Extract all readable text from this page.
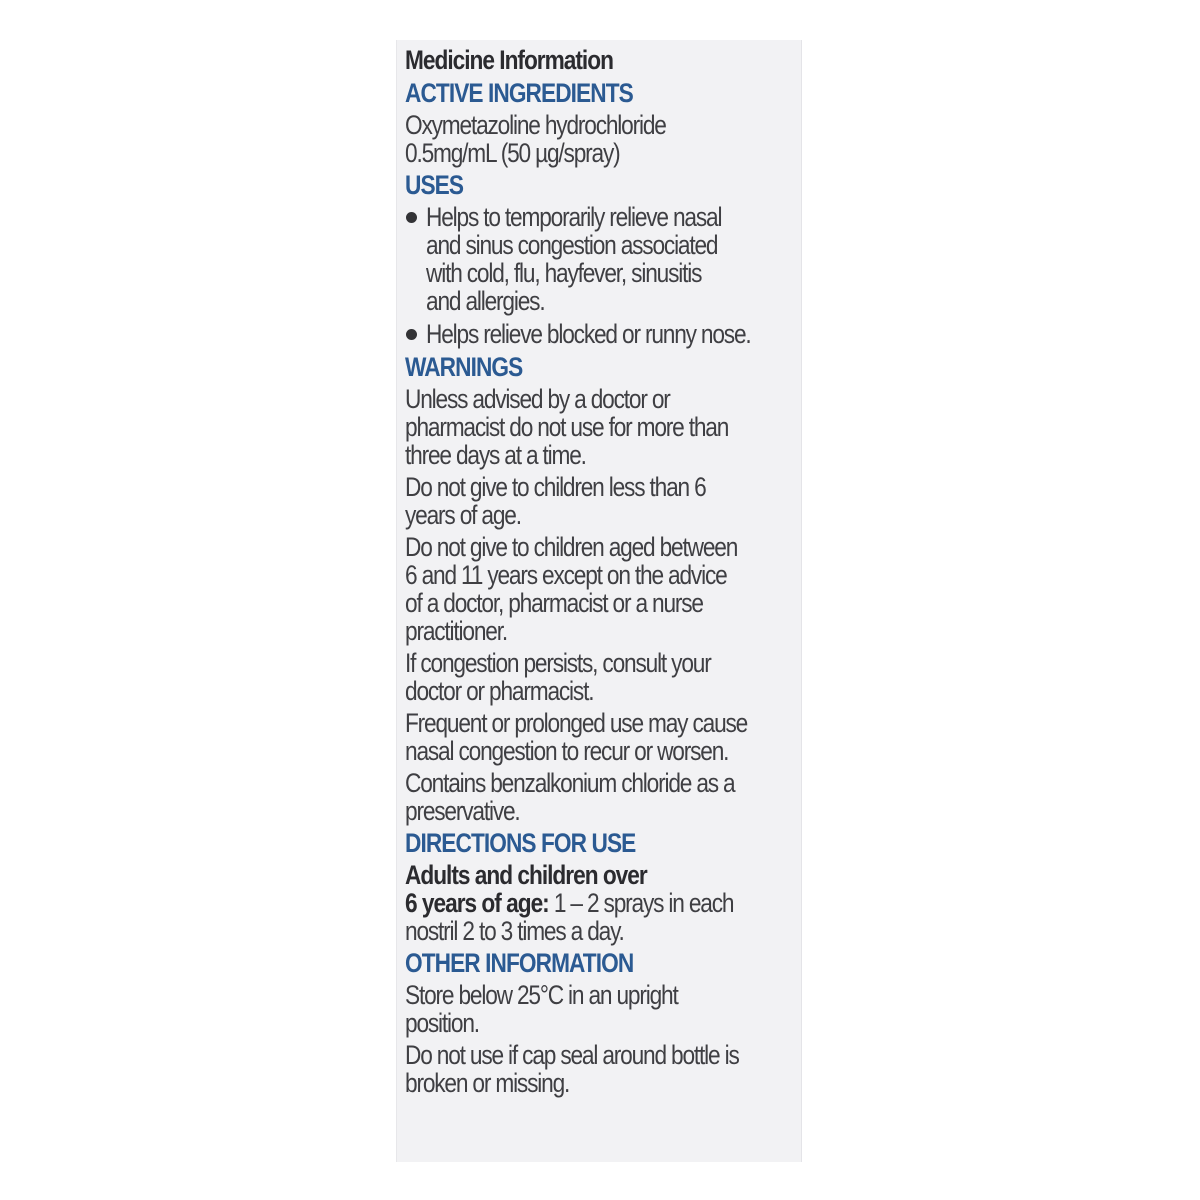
Medicine Information
ACTIVE INGREDIENTS
Oxymetazoline hydrochloride
0.5mg/mL (50 µg/spray)
USES
Helps to temporarily relieve nasal
and sinus congestion associated
with cold, flu, hayfever, sinusitis
and allergies.
Helps relieve blocked or runny nose.
WARNINGS
Unless advised by a doctor or
pharmacist do not use for more than
three days at a time.
Do not give to children less than 6
years of age.
Do not give to children aged between
6 and 11 years except on the advice
of a doctor, pharmacist or a nurse
practitioner.
If congestion persists, consult your
doctor or pharmacist.
Frequent or prolonged use may cause
nasal congestion to recur or worsen.
Contains benzalkonium chloride as a
preservative.
DIRECTIONS FOR USE
Adults and children over
6 years of age: 1 – 2 sprays in each
nostril 2 to 3 times a day.
OTHER INFORMATION
Store below 25°C in an upright
position.
Do not use if cap seal around bottle is
broken or missing.
